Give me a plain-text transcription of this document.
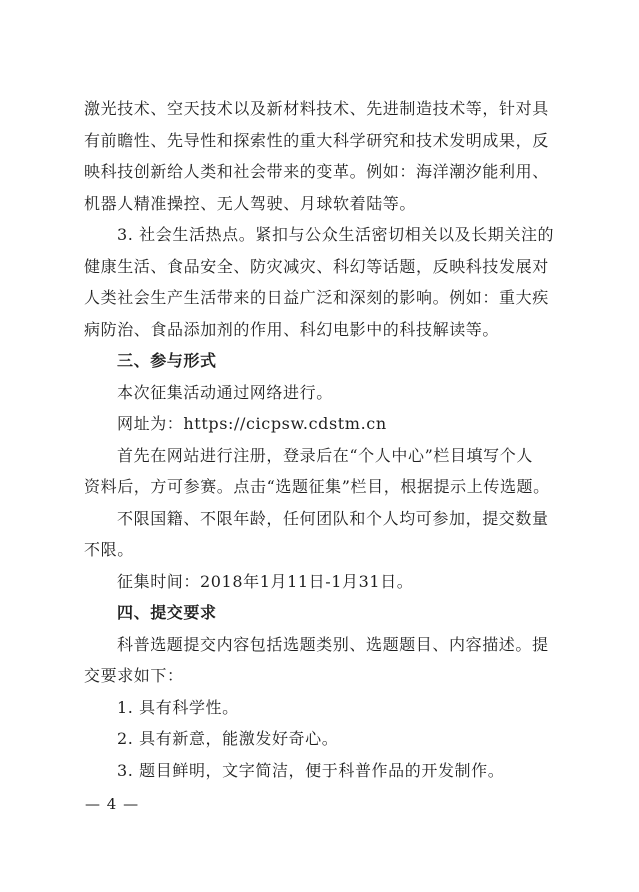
激光技术、空天技术以及新材料技术、先进制造技术等，针对具
有前瞻性、先导性和探索性的重大科学研究和技术发明成果，反
映科技创新给人类和社会带来的变革。例如：海洋潮汐能利用、
机器人精准操控、无人驾驶、月球软着陆等。
3. 社会生活热点。紧扣与公众生活密切相关以及长期关注的
健康生活、食品安全、防灾减灾、科幻等话题，反映科技发展对
人类社会生产生活带来的日益广泛和深刻的影响。例如：重大疾
病防治、食品添加剂的作用、科幻电影中的科技解读等。
三、参与形式
本次征集活动通过网络进行。
网址为：https://cicpsw.cdstm.cn
首先在网站进行注册，登录后在“个人中心”栏目填写个人
资料后，方可参赛。点击“选题征集”栏目，根据提示上传选题。
不限国籍、不限年龄，任何团队和个人均可参加，提交数量
不限。
征集时间：2018年1月11日-1月31日。
四、提交要求
科普选题提交内容包括选题类别、选题题目、内容描述。提
交要求如下：
1. 具有科学性。
2. 具有新意，能激发好奇心。
3. 题目鲜明，文字简洁，便于科普作品的开发制作。
— 4 —
